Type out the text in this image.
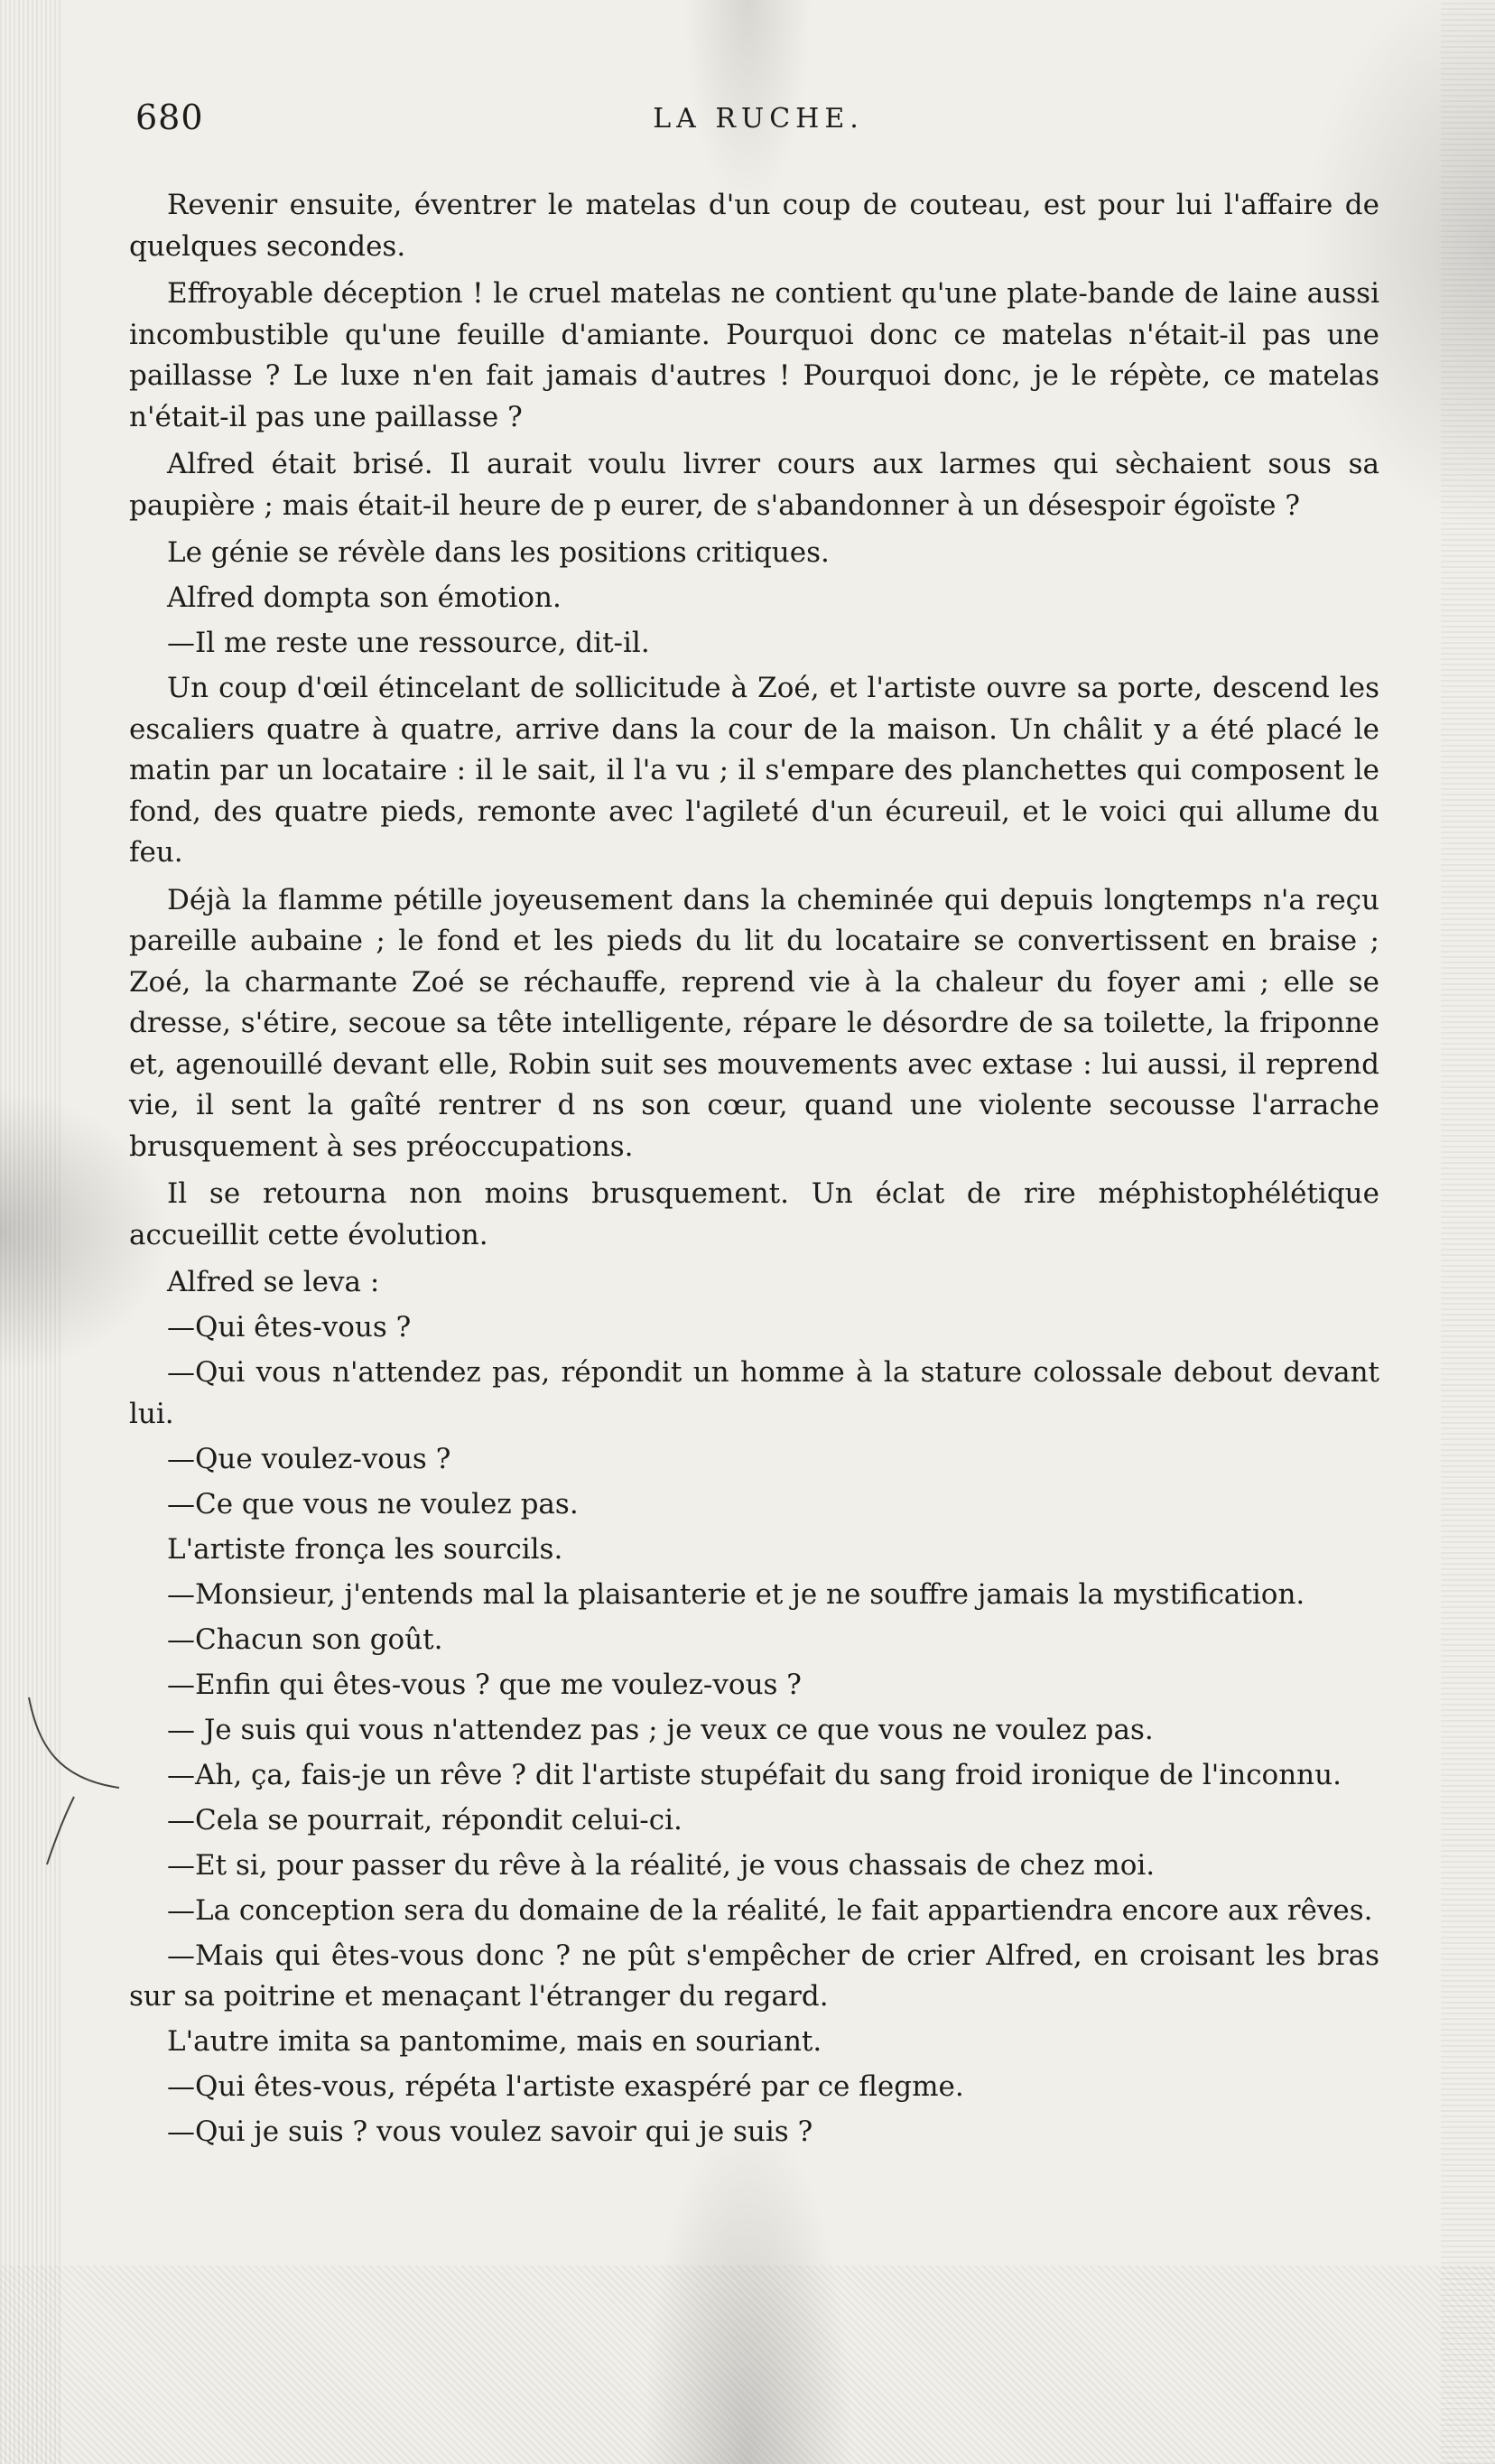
680	LA RUCHE.

Revenir ensuite, éventrer le matelas d'un coup de couteau, est pour lui l'affaire de quelques secondes.

Effroyable déception ! le cruel matelas ne contient qu'une plate-bande de laine aussi incombustible qu'une feuille d'amiante. Pourquoi donc ce matelas n'était-il pas une paillasse ? Le luxe n'en fait jamais d'autres ! Pourquoi donc, je le répète, ce matelas n'était-il pas une paillasse ?

Alfred était brisé. Il aurait voulu livrer cours aux larmes qui sèchaient sous sa paupière ; mais était-il heure de p eurer, de s'abandonner à un désespoir égoïste ?

Le génie se révèle dans les positions critiques.

Alfred dompta son émotion.

—Il me reste une ressource, dit-il.

Un coup d'œil étincelant de sollicitude à Zoé, et l'artiste ouvre sa porte, descend les escaliers quatre à quatre, arrive dans la cour de la maison. Un châlit y a été placé le matin par un locataire : il le sait, il l'a vu ; il s'empare des planchettes qui composent le fond, des quatre pieds, remonte avec l'agileté d'un écureuil, et le voici qui allume du feu.

Déjà la flamme pétille joyeusement dans la cheminée qui depuis longtemps n'a reçu pareille aubaine ; le fond et les pieds du lit du locataire se convertissent en braise ; Zoé, la charmante Zoé se réchauffe, reprend vie à la chaleur du foyer ami ; elle se dresse, s'étire, secoue sa tête intelligente, répare le désordre de sa toilette, la friponne et, agenouillé devant elle, Robin suit ses mouvements avec extase : lui aussi, il reprend vie, il sent la gaîté rentrer d ns son cœur, quand une violente secousse l'arrache brusquement à ses préoccupations.

Il se retourna non moins brusquement. Un éclat de rire méphistophélétique accueillit cette évolution.

Alfred se leva :

—Qui êtes-vous ?

—Qui vous n'attendez pas, répondit un homme à la stature colossale debout devant lui.

—Que voulez-vous ?

—Ce que vous ne voulez pas.

L'artiste fronça les sourcils.

—Monsieur, j'entends mal la plaisanterie et je ne souffre jamais la mystification.

—Chacun son goût.

—Enfin qui êtes-vous ? que me voulez-vous ?

— Je suis qui vous n'attendez pas ; je veux ce que vous ne voulez pas.

—Ah, ça, fais-je un rêve ? dit l'artiste stupéfait du sang froid ironique de l'inconnu.

—Cela se pourrait, répondit celui-ci.

—Et si, pour passer du rêve à la réalité, je vous chassais de chez moi.

—La conception sera du domaine de la réalité, le fait appartiendra encore aux rêves.

—Mais qui êtes-vous donc ? ne pût s'empêcher de crier Alfred, en croisant les bras sur sa poitrine et menaçant l'étranger du regard.

L'autre imita sa pantomime, mais en souriant.

—Qui êtes-vous, répéta l'artiste exaspéré par ce flegme.

—Qui je suis ? vous voulez savoir qui je suis ?
